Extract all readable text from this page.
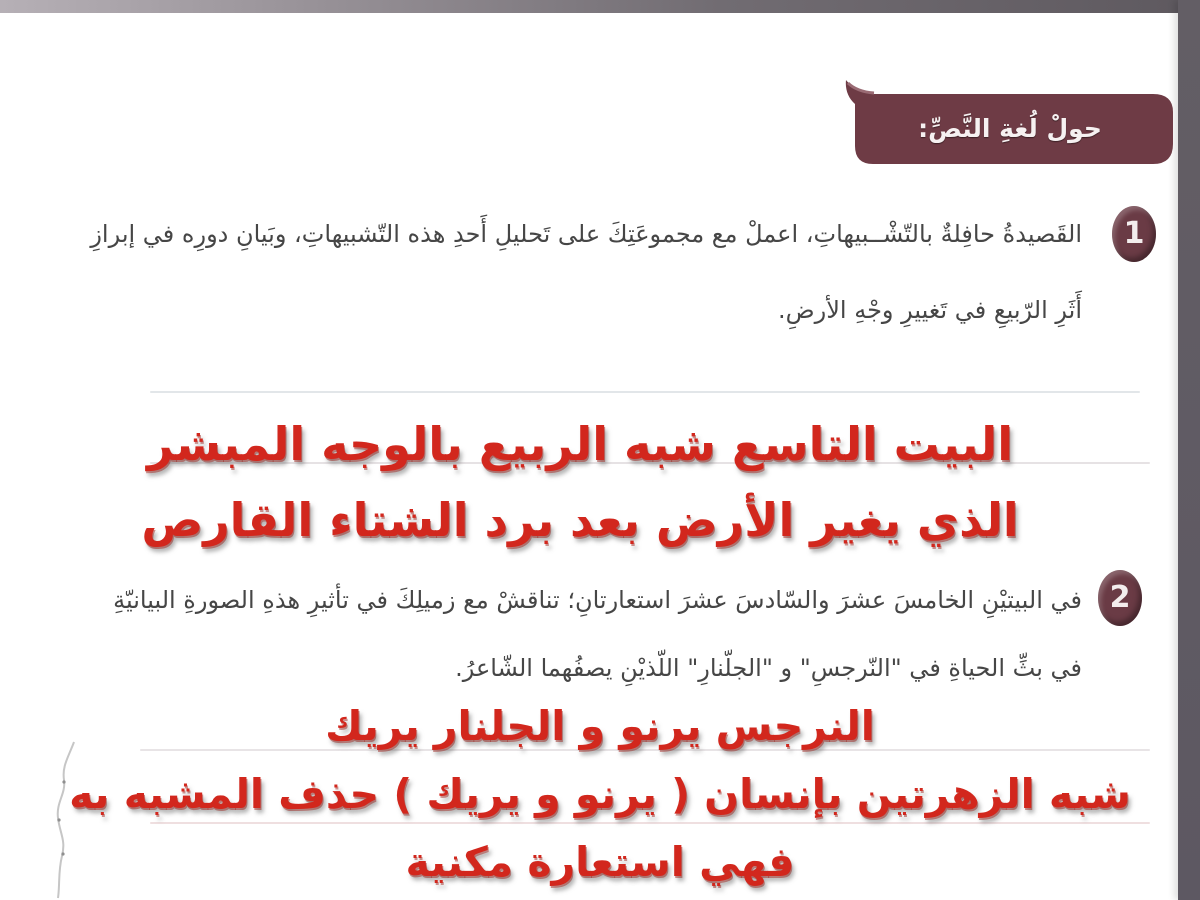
حولْ لُغةِ النَّصِّ:
1
القَصيدةُ حافِلةٌ بالتّشْــبيهاتِ، اعملْ مع مجموعَتِكَ على تَحليلِ أَحدِ هذه التّشبيهاتِ، وبَيانِ دورِه في إبرازِ أَثَرِ الرّبيعِ في تَغييرِ وجْهِ الأرضِ.
البيت التاسع شبه الربيع بالوجه المبشر
الذي يغير الأرض بعد برد الشتاء القارص
2
في البيتيْنِ الخامسَ عشرَ والسّادسَ عشرَ استعارتانِ؛ تناقشْ مع زميلِكَ في تأثيرِ هذهِ الصورةِ البيانيّةِ في بثِّ الحياةِ في "النّرجسِ" و "الجلّنارِ" اللّذيْنِ يصفُهما الشّاعرُ.
النرجس يرنو و الجلنار يريك
شبه الزهرتين بإنسان ( يرنو و يريك ) حذف المشبه به
فهي استعارة مكنية
